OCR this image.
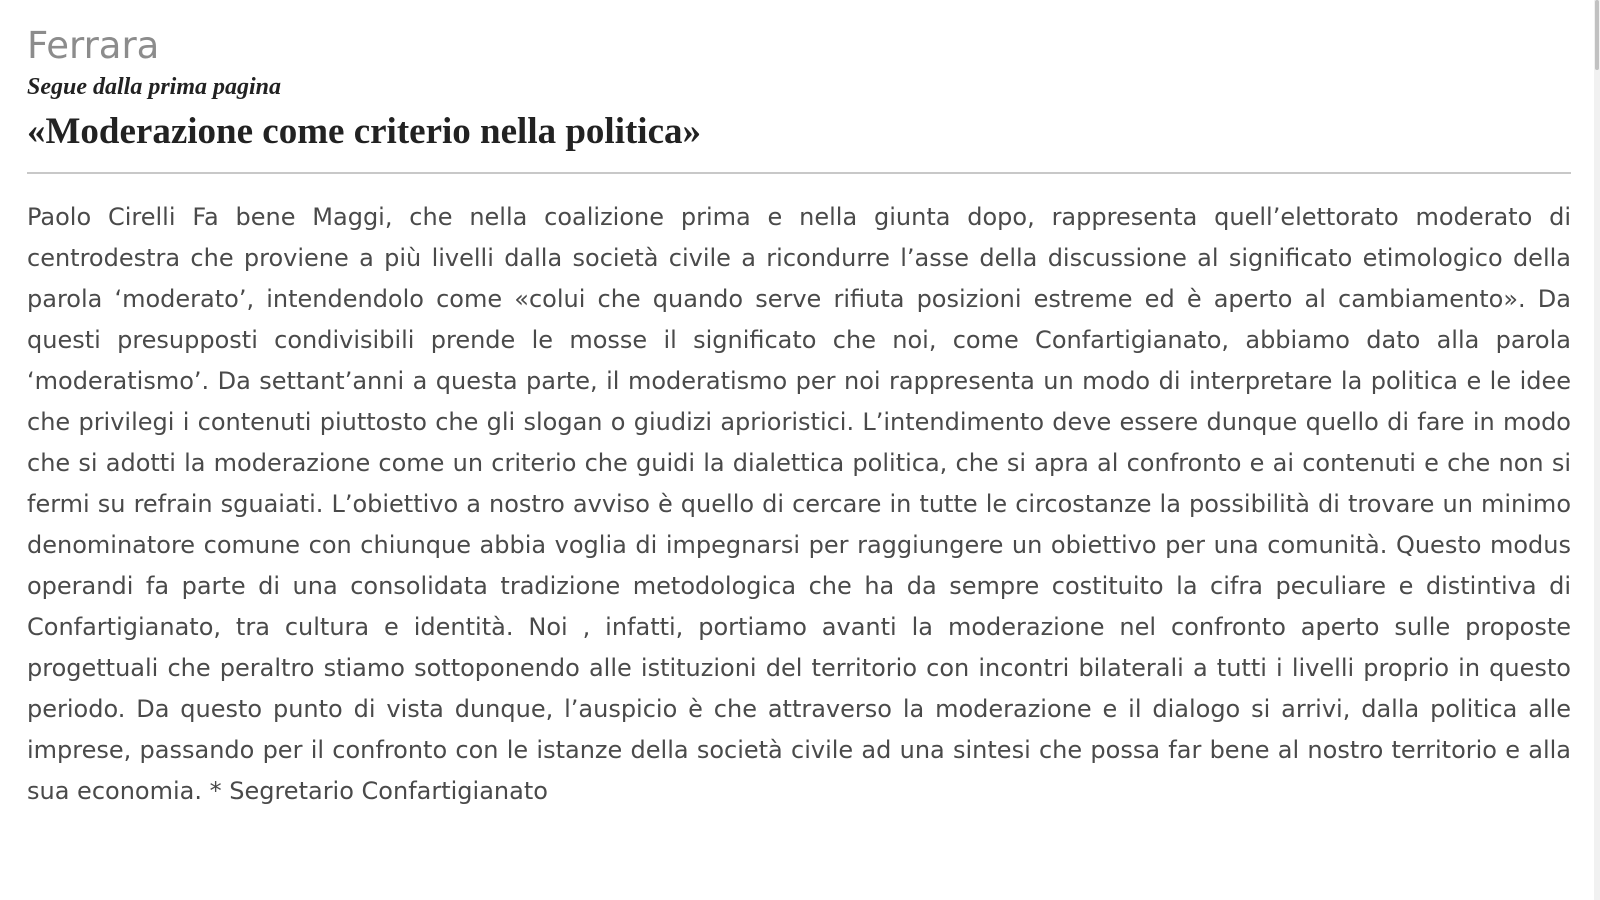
Ferrara
Segue dalla prima pagina
«Moderazione come criterio nella politica»

Paolo Cirelli Fa bene Maggi, che nella coalizione prima e nella giunta dopo, rappresenta quell’elettorato moderato di centrodestra che proviene a più livelli dalla società civile a ricondurre l’asse della discussione al significato etimologico della parola ‘moderato’, intendendolo come «colui che quando serve rifiuta posizioni estreme ed è aperto al cambiamento». Da questi presupposti condivisibili prende le mosse il significato che noi, come Confartigianato, abbiamo dato alla parola ‘moderatismo’. Da settant’anni a questa parte, il moderatismo per noi rappresenta un modo di interpretare la politica e le idee che privilegi i contenuti piuttosto che gli slogan o giudizi aprioristici. L’intendimento deve essere dunque quello di fare in modo che si adotti la moderazione come un criterio che guidi la dialettica politica, che si apra al confronto e ai contenuti e che non si fermi su refrain sguaiati. L’obiettivo a nostro avviso è quello di cercare in tutte le circostanze la possibilità di trovare un minimo denominatore comune con chiunque abbia voglia di impegnarsi per raggiungere un obiettivo per una comunità. Questo modus operandi fa parte di una consolidata tradizione metodologica che ha da sempre costituito la cifra peculiare e distintiva di Confartigianato, tra cultura e identità. Noi , infatti, portiamo avanti la moderazione nel confronto aperto sulle proposte progettuali che peraltro stiamo sottoponendo alle istituzioni del territorio con incontri bilaterali a tutti i livelli proprio in questo periodo. Da questo punto di vista dunque, l’auspicio è che attraverso la moderazione e il dialogo si arrivi, dalla politica alle imprese, passando per il confronto con le istanze della società civile ad una sintesi che possa far bene al nostro territorio e alla sua economia. * Segretario Confartigianato
